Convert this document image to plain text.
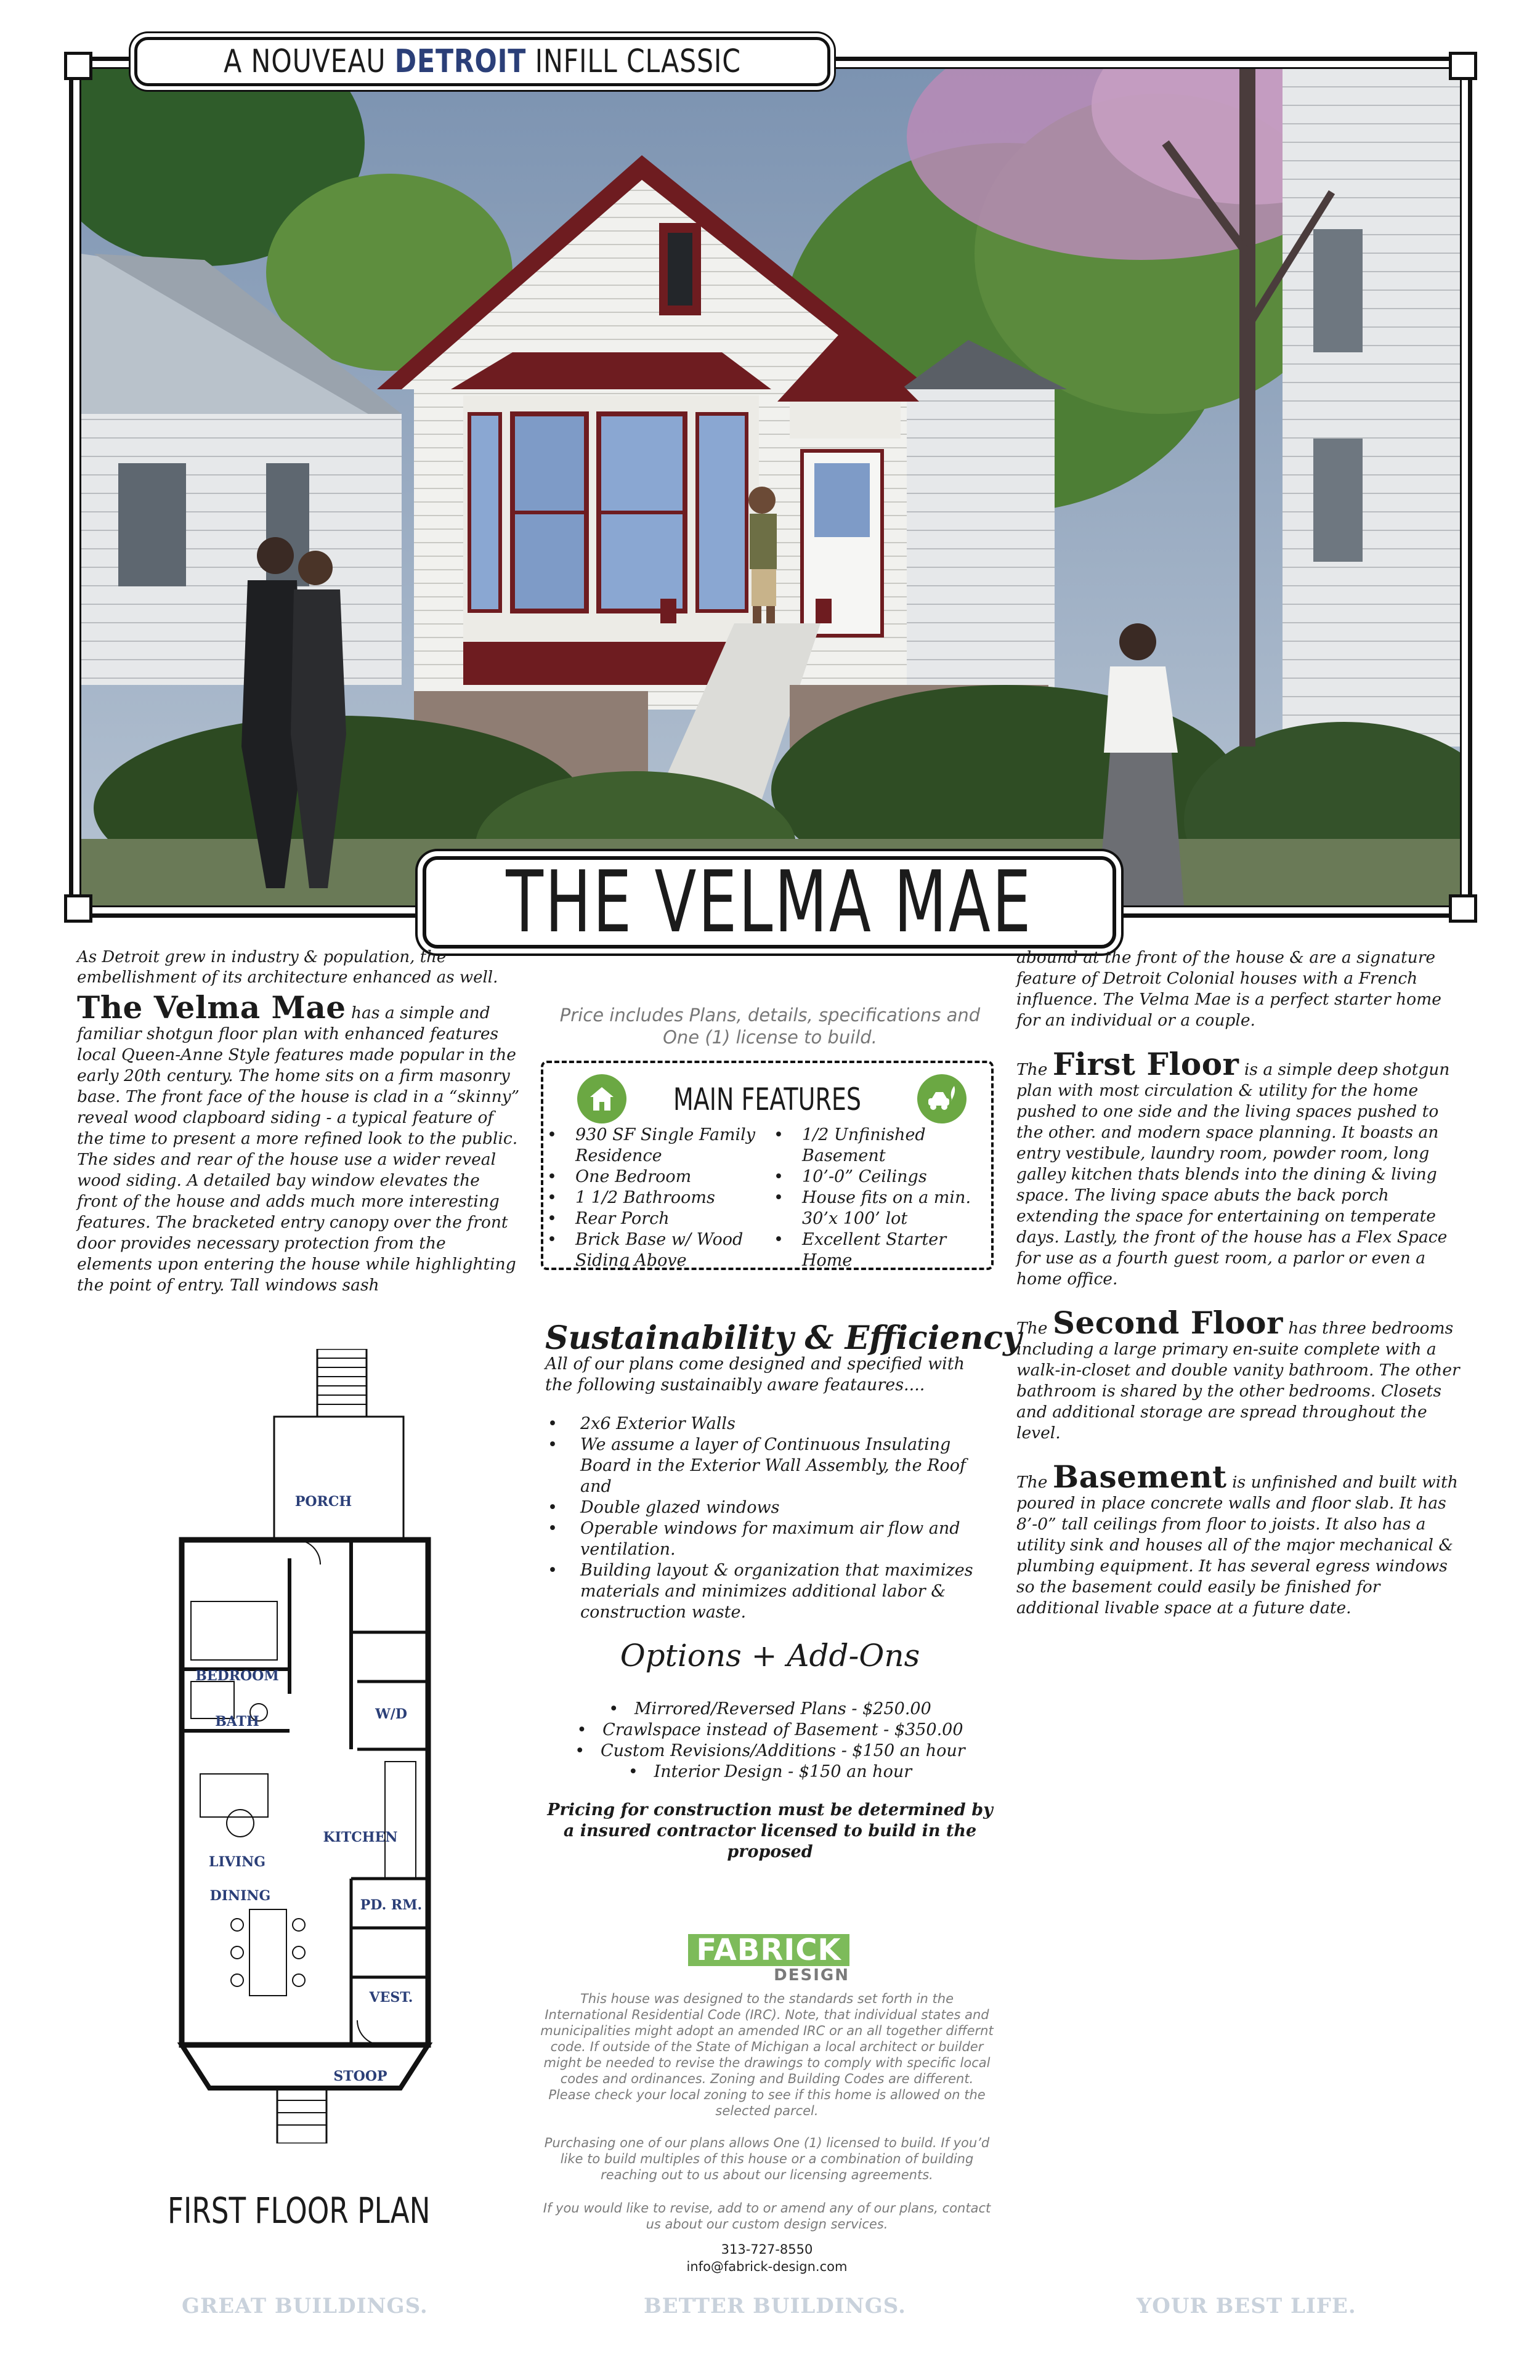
A NOUVEAU DETROIT INFILL CLASSIC
THE VELMA MAE

As Detroit grew in industry & population, the embellishment of its architecture enhanced as well.

The Velma Mae has a simple and familiar shotgun floor plan with enhanced features local Queen-Anne Style features made popular in the early 20th century. The home sits on a firm masonry base. The front face of the house is clad in a “skinny” reveal wood clapboard siding - a typical feature of the time to present a more refined look to the public. The sides and rear of the house use a wider reveal wood siding. A detailed bay window elevates the front of the house and adds much more interesting features. The bracketed entry canopy over the front door provides necessary protection from the elements upon entering the house while highlighting the point of entry. Tall windows sash

Price includes Plans, details, specifications and One (1) license to build.

MAIN FEATURES
• 930 SF Single Family Residence
• One Bedroom
• 1 1/2 Bathrooms
• Rear Porch
• Brick Base w/ Wood Siding Above
• 1/2 Unfinished Basement
• 10’-0” Ceilings
• House fits on a min. 30’x 100’ lot
• Excellent Starter Home
Sustainability & Efficiency

All of our plans come designed and specified with the following sustainaibly aware feataures....

• 2x6 Exterior Walls
• We assume a layer of Continuous Insulating Board in the Exterior Wall Assembly, the Roof and
• Double glazed windows
• Operable windows for maximum air flow and ventilation.
• Building layout & organization that maximizes materials and minimizes additional labor & construction waste.
Options + Add-Ons
• Mirrored/Reversed Plans - $250.00
• Crawlspace instead of Basement - $350.00
• Custom Revisions/Additions - $150 an hour
• Interior Design - $150 an hour

Pricing for construction must be determined by a insured contractor licensed to build in the proposed

FABRICK
DESIGN

This house was designed to the standards set forth in the International Residential Code (IRC). Note, that individual states and municipalities might adopt an amended IRC or an all together differnt code. If outside of the State of Michigan a local architect or builder might be needed to revise the drawings to comply with specific local codes and ordinances. Zoning and Building Codes are different. Please check your local zoning to see if this home is allowed on the selected parcel.

Purchasing one of our plans allows One (1) licensed to build. If you’d like to build multiples of this house or a combination of building reaching out to us about our licensing agreements.

If you would like to revise, add to or amend any of our plans, contact us about our custom design services.

313-727-8550

info@fabrick-design.com

abound at the front of the house & are a signature feature of Detroit Colonial houses with a French influence. The Velma Mae is a perfect starter home for an individual or a couple.

The First Floor is a simple deep shotgun plan with most circulation & utility for the home pushed to one side and the living spaces pushed to the other. and modern space planning. It boasts an entry vestibule, laundry room, powder room, long galley kitchen thats blends into the dining & living space. The living space abuts the back porch extending the space for entertaining on temperate days. Lastly, the front of the house has a Flex Space for use as a fourth guest room, a parlor or even a home office.

The Second Floor has three bedrooms including a large primary en-suite complete with a walk-in-closet and double vanity bathroom. The other bathroom is shared by the other bedrooms. Closets and additional storage are spread throughout the level.

The Basement is unfinished and built with poured in place concrete walls and floor slab. It has 8’-0” tall ceilings from floor to joists. It also has a utility sink and houses all of the major mechanical & plumbing equipment. It has several egress windows so the basement could easily be finished for additional livable space at a future date.

PORCH
BEDROOM
BATH	W/D
KITCHEN
LIVING
DINING
PD. RM.
VEST.
STOOP
FIRST FLOOR PLAN
GREAT BUILDINGS.	BETTER BUILDINGS.	YOUR BEST LIFE.
